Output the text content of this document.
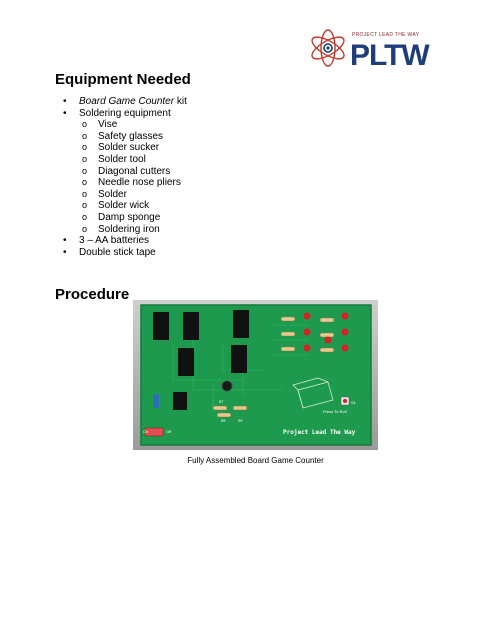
PROJECT LEAD THE WAY
PLTW
Equipment Needed
• Board Game Counter kit
• Soldering equipment
o Vise
o Safety glasses
o Solder sucker
o Solder tool
o Diagonal cutters
o Needle nose pliers
o Solder
o Solder wick
o Damp sponge
o Soldering iron
• 3 – AA batteries
• Double stick tape
Procedure
S1
Press To Roll
On	Off
R8	R9
R7
Project Lead The Way
Fully Assembled Board Game Counter
